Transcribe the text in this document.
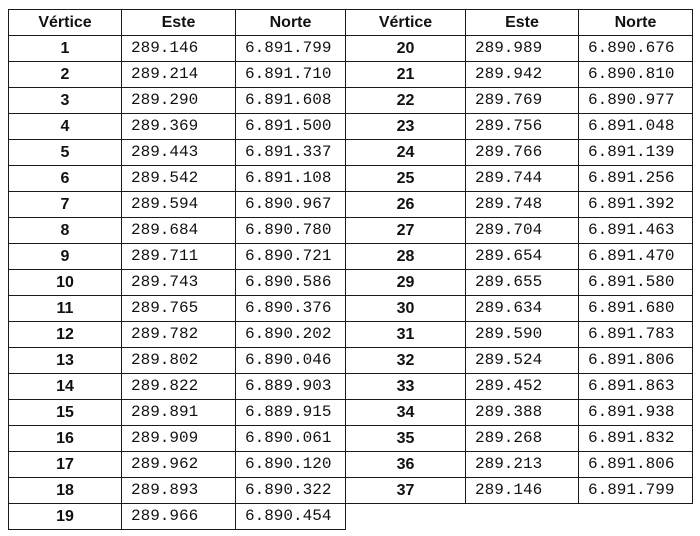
Vértice	Este	Norte	Vértice	Este	Norte
1	289.146	6.891.799	20	289.989	6.890.676
2	289.214	6.891.710	21	289.942	6.890.810
3	289.290	6.891.608	22	289.769	6.890.977
4	289.369	6.891.500	23	289.756	6.891.048
5	289.443	6.891.337	24	289.766	6.891.139
6	289.542	6.891.108	25	289.744	6.891.256
7	289.594	6.890.967	26	289.748	6.891.392
8	289.684	6.890.780	27	289.704	6.891.463
9	289.711	6.890.721	28	289.654	6.891.470
10	289.743	6.890.586	29	289.655	6.891.580
11	289.765	6.890.376	30	289.634	6.891.680
12	289.782	6.890.202	31	289.590	6.891.783
13	289.802	6.890.046	32	289.524	6.891.806
14	289.822	6.889.903	33	289.452	6.891.863
15	289.891	6.889.915	34	289.388	6.891.938
16	289.909	6.890.061	35	289.268	6.891.832
17	289.962	6.890.120	36	289.213	6.891.806
18	289.893	6.890.322	37	289.146	6.891.799
19	289.966	6.890.454			
